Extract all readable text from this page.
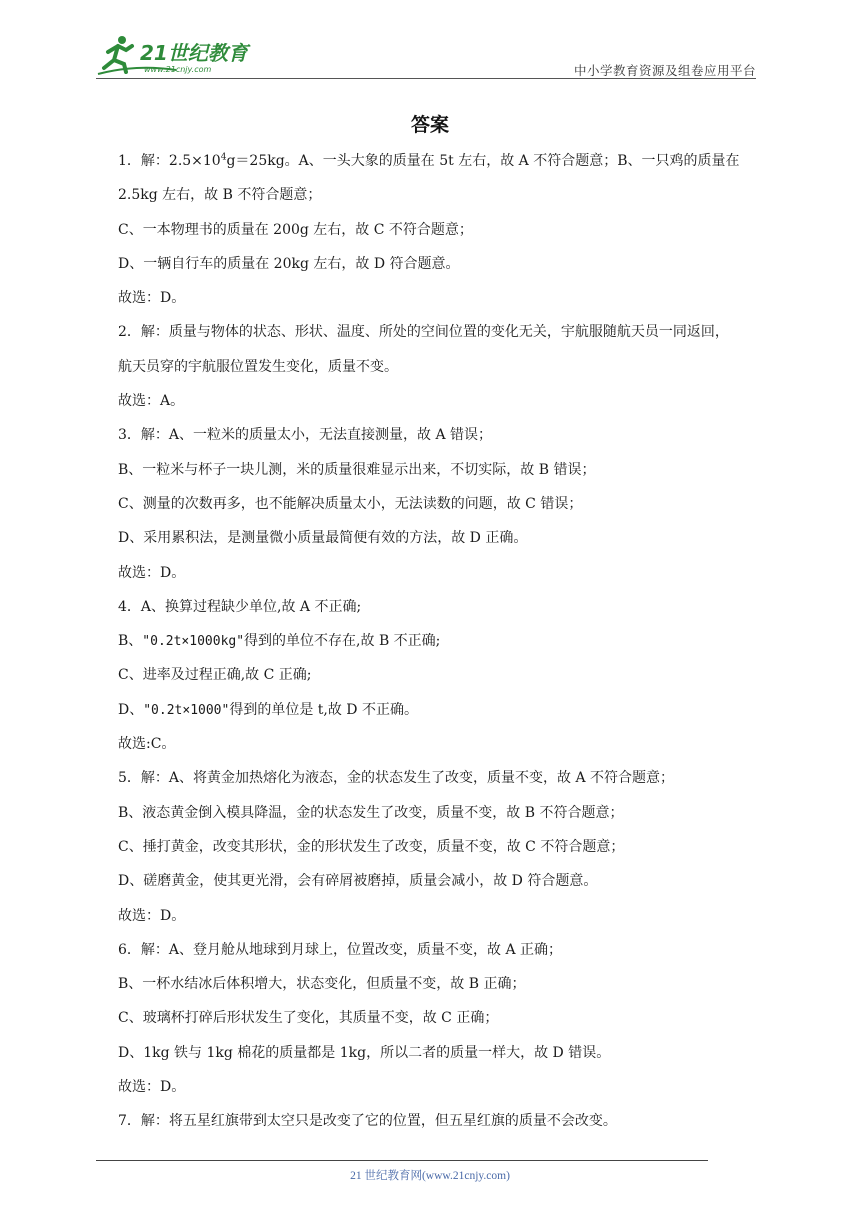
21世纪教育
www.21cnjy.com	中小学教育资源及组卷应用平台
答案
1．解：$2.5\times 10^4g=25kg$。A、一头大象的质量在 5t 左右，故 A 不符合题意；B、一只鸡的质量在
2.5kg 左右，故 B 不符合题意；
C、一本物理书的质量在 200g 左右，故 C 不符合题意；
D、一辆自行车的质量在 20kg 左右，故 D 符合题意。
故选：D。
2．解：质量与物体的状态、形状、温度、所处的空间位置的变化无关，宇航服随航天员一同返回，
航天员穿的宇航服位置发生变化，质量不变。
故选：A。
3．解：A、一粒米的质量太小，无法直接测量，故 A 错误；
B、一粒米与杯子一块儿测，米的质量很难显示出来，不切实际，故 B 错误；
C、测量的次数再多，也不能解决质量太小，无法读数的问题，故 C 错误；
D、采用累积法，是测量微小质量最简便有效的方法，故 D 正确。
故选：D。
4．A、换算过程缺少单位,故 A 不正确;
B、"0.2t×1000kg"得到的单位不存在,故 B 不正确;
C、进率及过程正确,故 C 正确;
D、"0.2t×1000"得到的单位是 t,故 D 不正确。
故选:C。
5．解：A、将黄金加热熔化为液态，金的状态发生了改变，质量不变，故 A 不符合题意；
B、液态黄金倒入模具降温，金的状态发生了改变，质量不变，故 B 不符合题意；
C、捶打黄金，改变其形状，金的形状发生了改变，质量不变，故 C 不符合题意；
D、磋磨黄金，使其更光滑，会有碎屑被磨掉，质量会减小，故 D 符合题意。
故选：D。
6．解：A、登月舱从地球到月球上，位置改变，质量不变，故 A 正确；
B、一杯水结冰后体积增大，状态变化，但质量不变，故 B 正确；
C、玻璃杯打碎后形状发生了变化，其质量不变，故 C 正确；
D、1kg 铁与 1kg 棉花的质量都是 1kg，所以二者的质量一样大，故 D 错误。
故选：D。
7．解：将五星红旗带到太空只是改变了它的位置，但五星红旗的质量不会改变。
21 世纪教育网(www.21cnjy.com)
